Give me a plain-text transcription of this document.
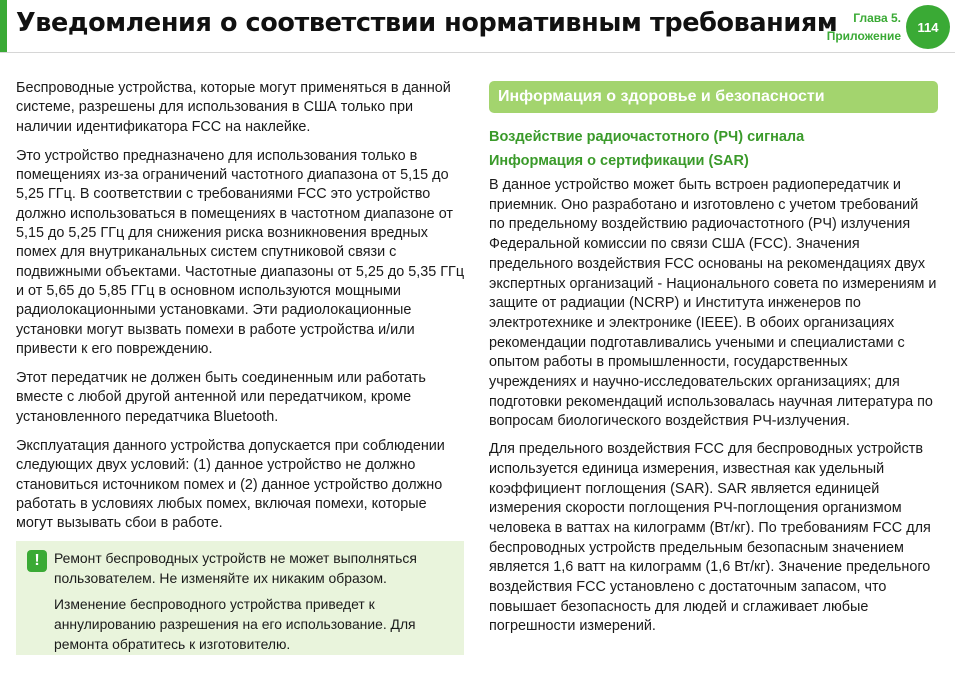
Уведомления о соответствии нормативным требованиям	Глава 5.
Приложение
114

Беспроводные устройства, которые могут применяться в данной системе, разрешены для использования в США только при наличии идентификатора FCC на наклейке.

Это устройство предназначено для использования только в помещениях из-за ограничений частотного диапазона от 5,15 до 5,25 ГГц. В соответствии с требованиями FCC это устройство должно использоваться в помещениях в частотном диапазоне от 5,15 до 5,25 ГГц для снижения риска возникновения вредных помех для внутриканальных систем спутниковой связи с подвижными объектами. Частотные диапазоны от 5,25 до 5,35 ГГц и от 5,65 до 5,85 ГГц в основном используются мощными радиолокационными установками. Эти радиолокационные установки могут вызвать помехи в работе устройства и/или привести к его повреждению.

Этот передатчик не должен быть соединенным или работать вместе с любой другой антенной или передатчиком, кроме установленного передатчика Bluetooth.

Эксплуатация данного устройства допускается при соблюдении следующих двух условий: (1) данное устройство не должно становиться источником помех и (2) данное устройство должно работать в условиях любых помех, включая помехи, которые могут вызывать сбои в работе.

!	Ремонт беспроводных устройств не может выполняться пользователем. Не изменяйте их никаким образом.

Изменение беспроводного устройства приведет к аннулированию разрешения на его использование. Для ремонта обратитесь к изготовителю.

Информация о здоровье и безопасности
Воздействие радиочастотного (РЧ) сигнала
Информация о сертификации (SAR)

В данное устройство может быть встроен радиопередатчик и приемник. Оно разработано и изготовлено с учетом требований по предельному воздействию радиочастотного (РЧ) излучения Федеральной комиссии по связи США (FCC). Значения предельного воздействия FCC основаны на рекомендациях двух экспертных организаций - Национального совета по измерениям и защите от радиации (NCRP) и Института инженеров по электротехнике и электронике (IEEE). В обоих организациях рекомендации подготавливались учеными и специалистами с опытом работы в промышленности, государственных учреждениях и научно-исследовательских организациях; для подготовки рекомендаций использовалась научная литература по вопросам биологического воздействия РЧ-излучения.

Для предельного воздействия FCC для беспроводных устройств используется единица измерения, известная как удельный коэффициент поглощения (SAR). SAR является единицей измерения скорости поглощения РЧ-поглощения организмом человека в ваттах на килограмм (Вт/кг). По требованиям FCC для беспроводных устройств предельным безопасным значением является 1,6 ватт на килограмм (1,6 Вт/кг). Значение предельного воздействия FCC установлено с достаточным запасом, что повышает безопасность для людей и сглаживает любые погрешности измерений.
